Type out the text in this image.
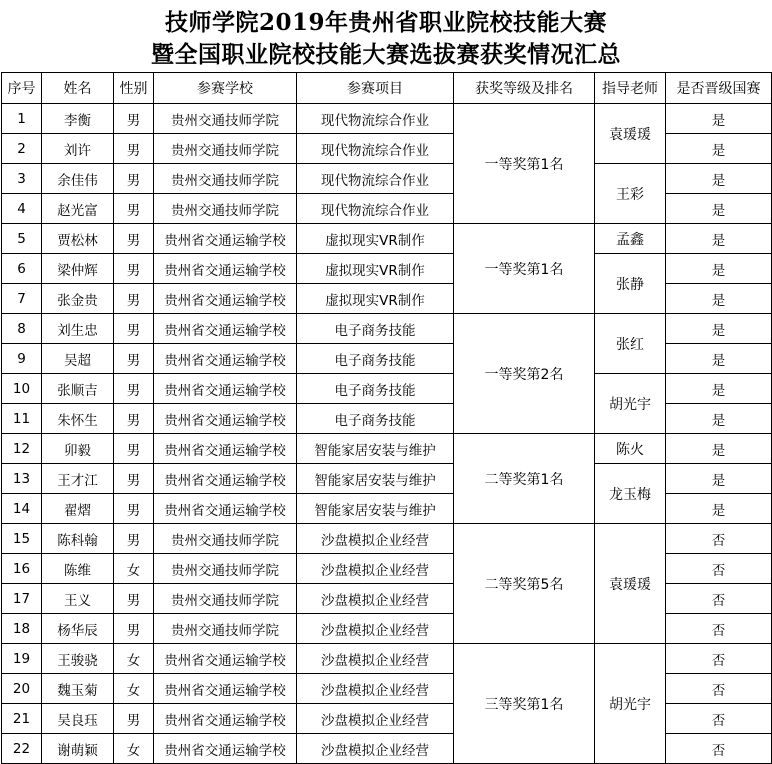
技师学院2019年贵州省职业院校技能大赛
暨全国职业院校技能大赛选拔赛获奖情况汇总
序号	姓名	性别	参赛学校	参赛项目	获奖等级及排名	指导老师	是否晋级国赛
1	李衡	男	贵州交通技师学院	现代物流综合作业	一等奖第1名	袁瑗瑗	是
2	刘许	男	贵州交通技师学院	现代物流综合作业			是
3	余佳伟	男	贵州交通技师学院	现代物流综合作业		王彩	是
4	赵光富	男	贵州交通技师学院	现代物流综合作业			是
5	贾松林	男	贵州省交通运输学校	虚拟现实VR制作	一等奖第1名	孟鑫	是
6	梁仲辉	男	贵州省交通运输学校	虚拟现实VR制作		张静	是
7	张金贵	男	贵州省交通运输学校	虚拟现实VR制作			是
8	刘生忠	男	贵州省交通运输学校	电子商务技能	一等奖第2名	张红	是
9	吴超	男	贵州省交通运输学校	电子商务技能			是
10	张顺吉	男	贵州省交通运输学校	电子商务技能		胡光宇	是
11	朱怀生	男	贵州省交通运输学校	电子商务技能			是
12	卯毅	男	贵州省交通运输学校	智能家居安装与维护	二等奖第1名	陈火	是
13	王才江	男	贵州省交通运输学校	智能家居安装与维护		龙玉梅	是
14	翟熠	男	贵州省交通运输学校	智能家居安装与维护			是
15	陈科翰	男	贵州交通技师学院	沙盘模拟企业经营	二等奖第5名	袁瑗瑗	否
16	陈维	女	贵州交通技师学院	沙盘模拟企业经营			否
17	王义	男	贵州交通技师学院	沙盘模拟企业经营			否
18	杨华辰	男	贵州交通技师学院	沙盘模拟企业经营			否
19	王骏骁	女	贵州省交通运输学校	沙盘模拟企业经营	三等奖第1名	胡光宇	否
20	魏玉菊	女	贵州省交通运输学校	沙盘模拟企业经营			否
21	吴良珏	男	贵州省交通运输学校	沙盘模拟企业经营			否
22	谢萌颖	女	贵州省交通运输学校	沙盘模拟企业经营			否
